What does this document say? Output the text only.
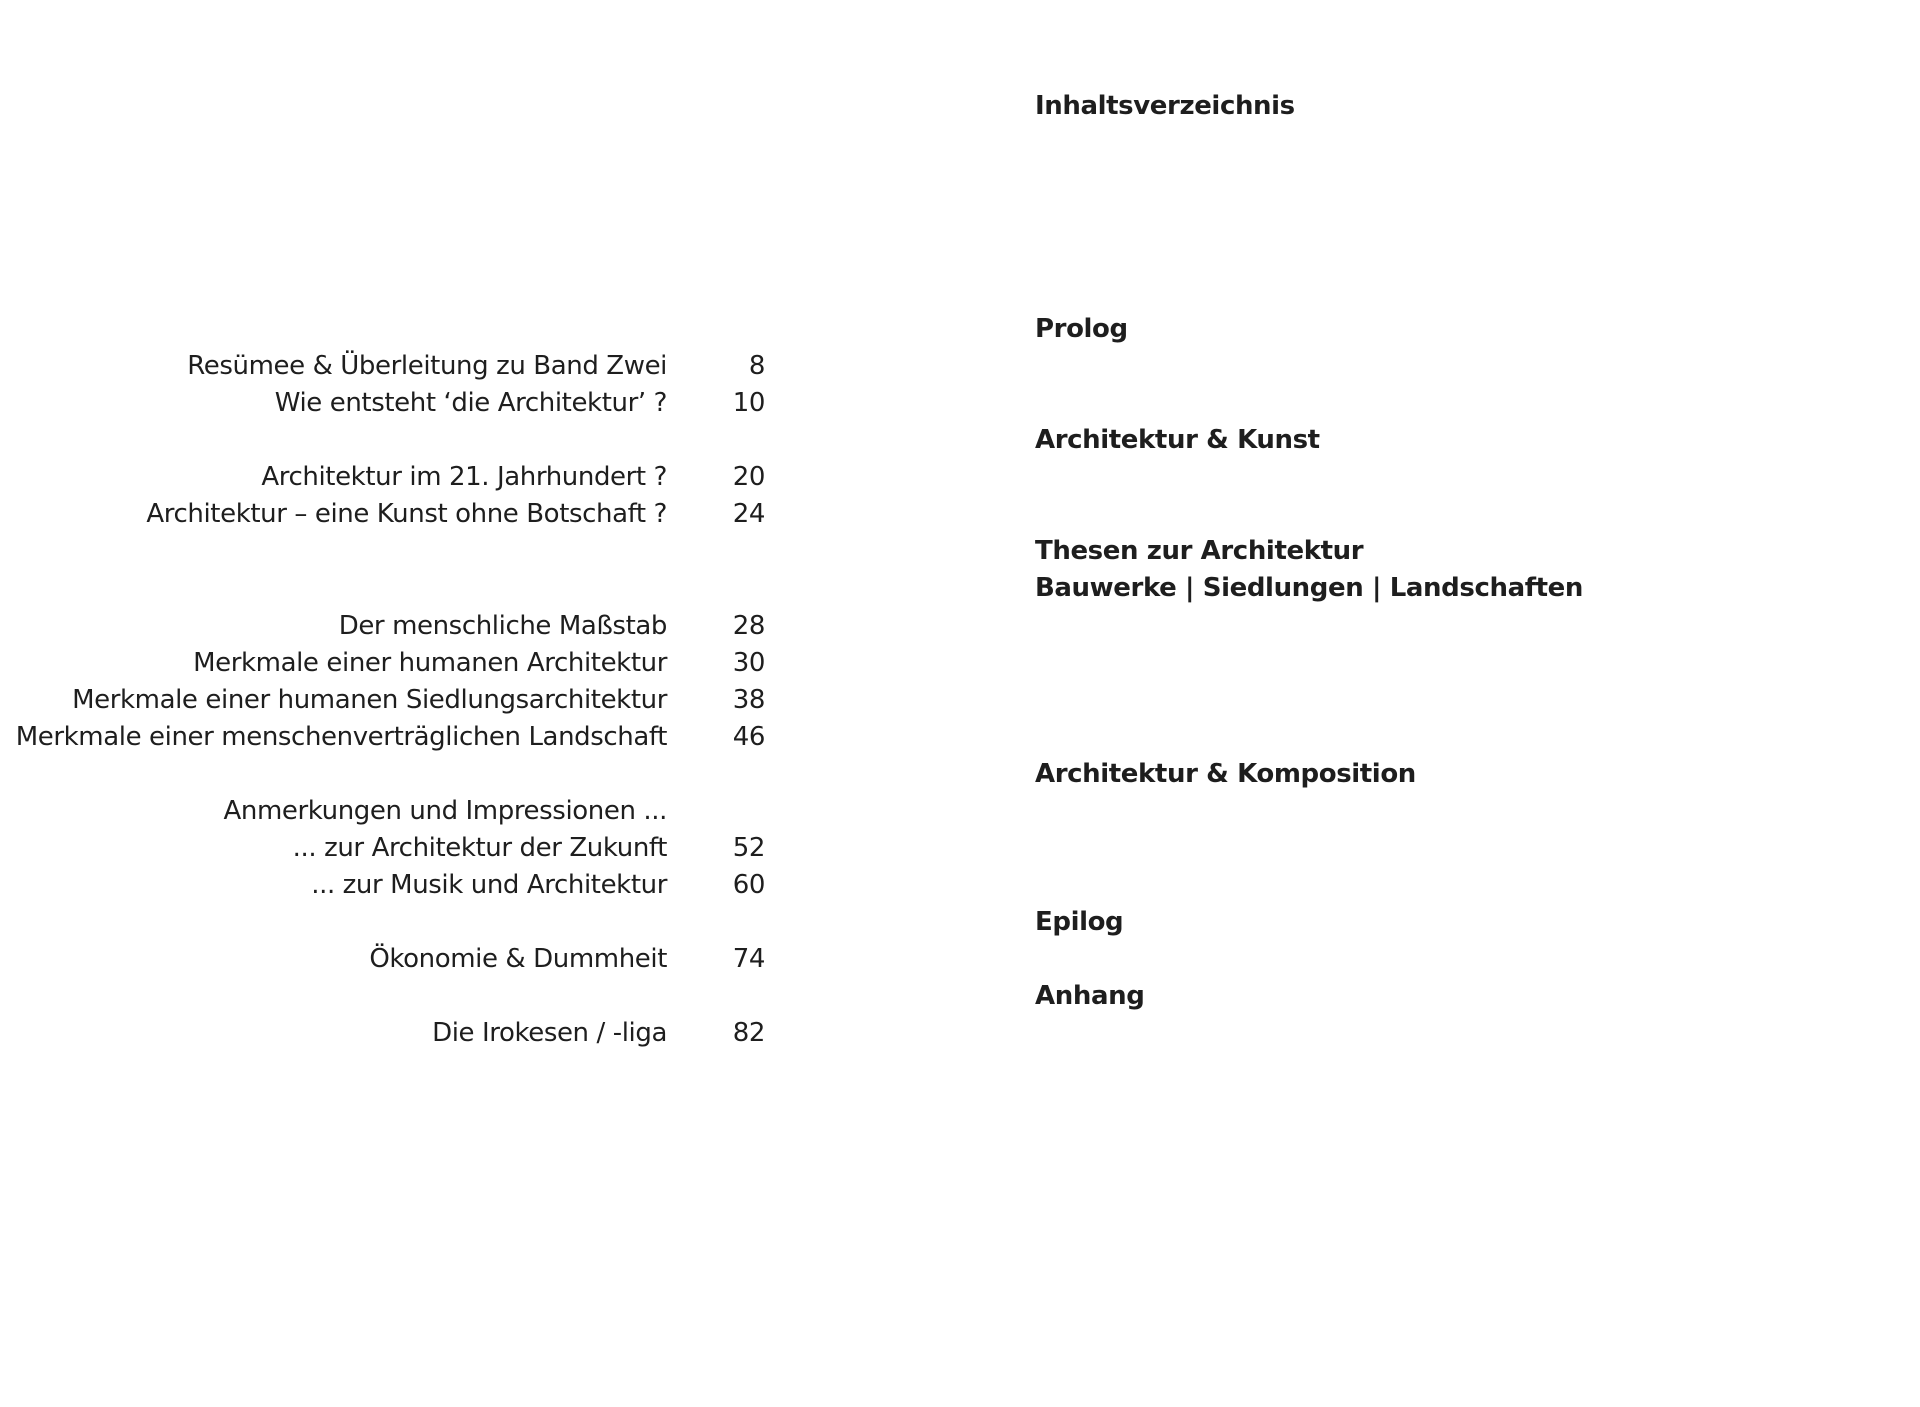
Resümee & Überleitung zu Band Zwei	8
Wie entsteht ‘die Architektur’ ?	10
Architektur im 21. Jahrhundert ?	20
Architektur – eine Kunst ohne Botschaft ?	24
Der menschliche Maßstab	28
Merkmale einer humanen Architektur	30
Merkmale einer humanen Siedlungsarchitektur	38
Merkmale einer menschenverträglichen Landschaft	46
Anmerkungen und Impressionen ...
... zur Architektur der Zukunft	52
... zur Musik und Architektur	60
Ökonomie & Dummheit	74
Die Irokesen / -liga	82
Inhaltsverzeichnis
Prolog
Architektur & Kunst
Thesen zur Architektur
Bauwerke | Siedlungen | Landschaften
Architektur & Komposition
Epilog
Anhang
